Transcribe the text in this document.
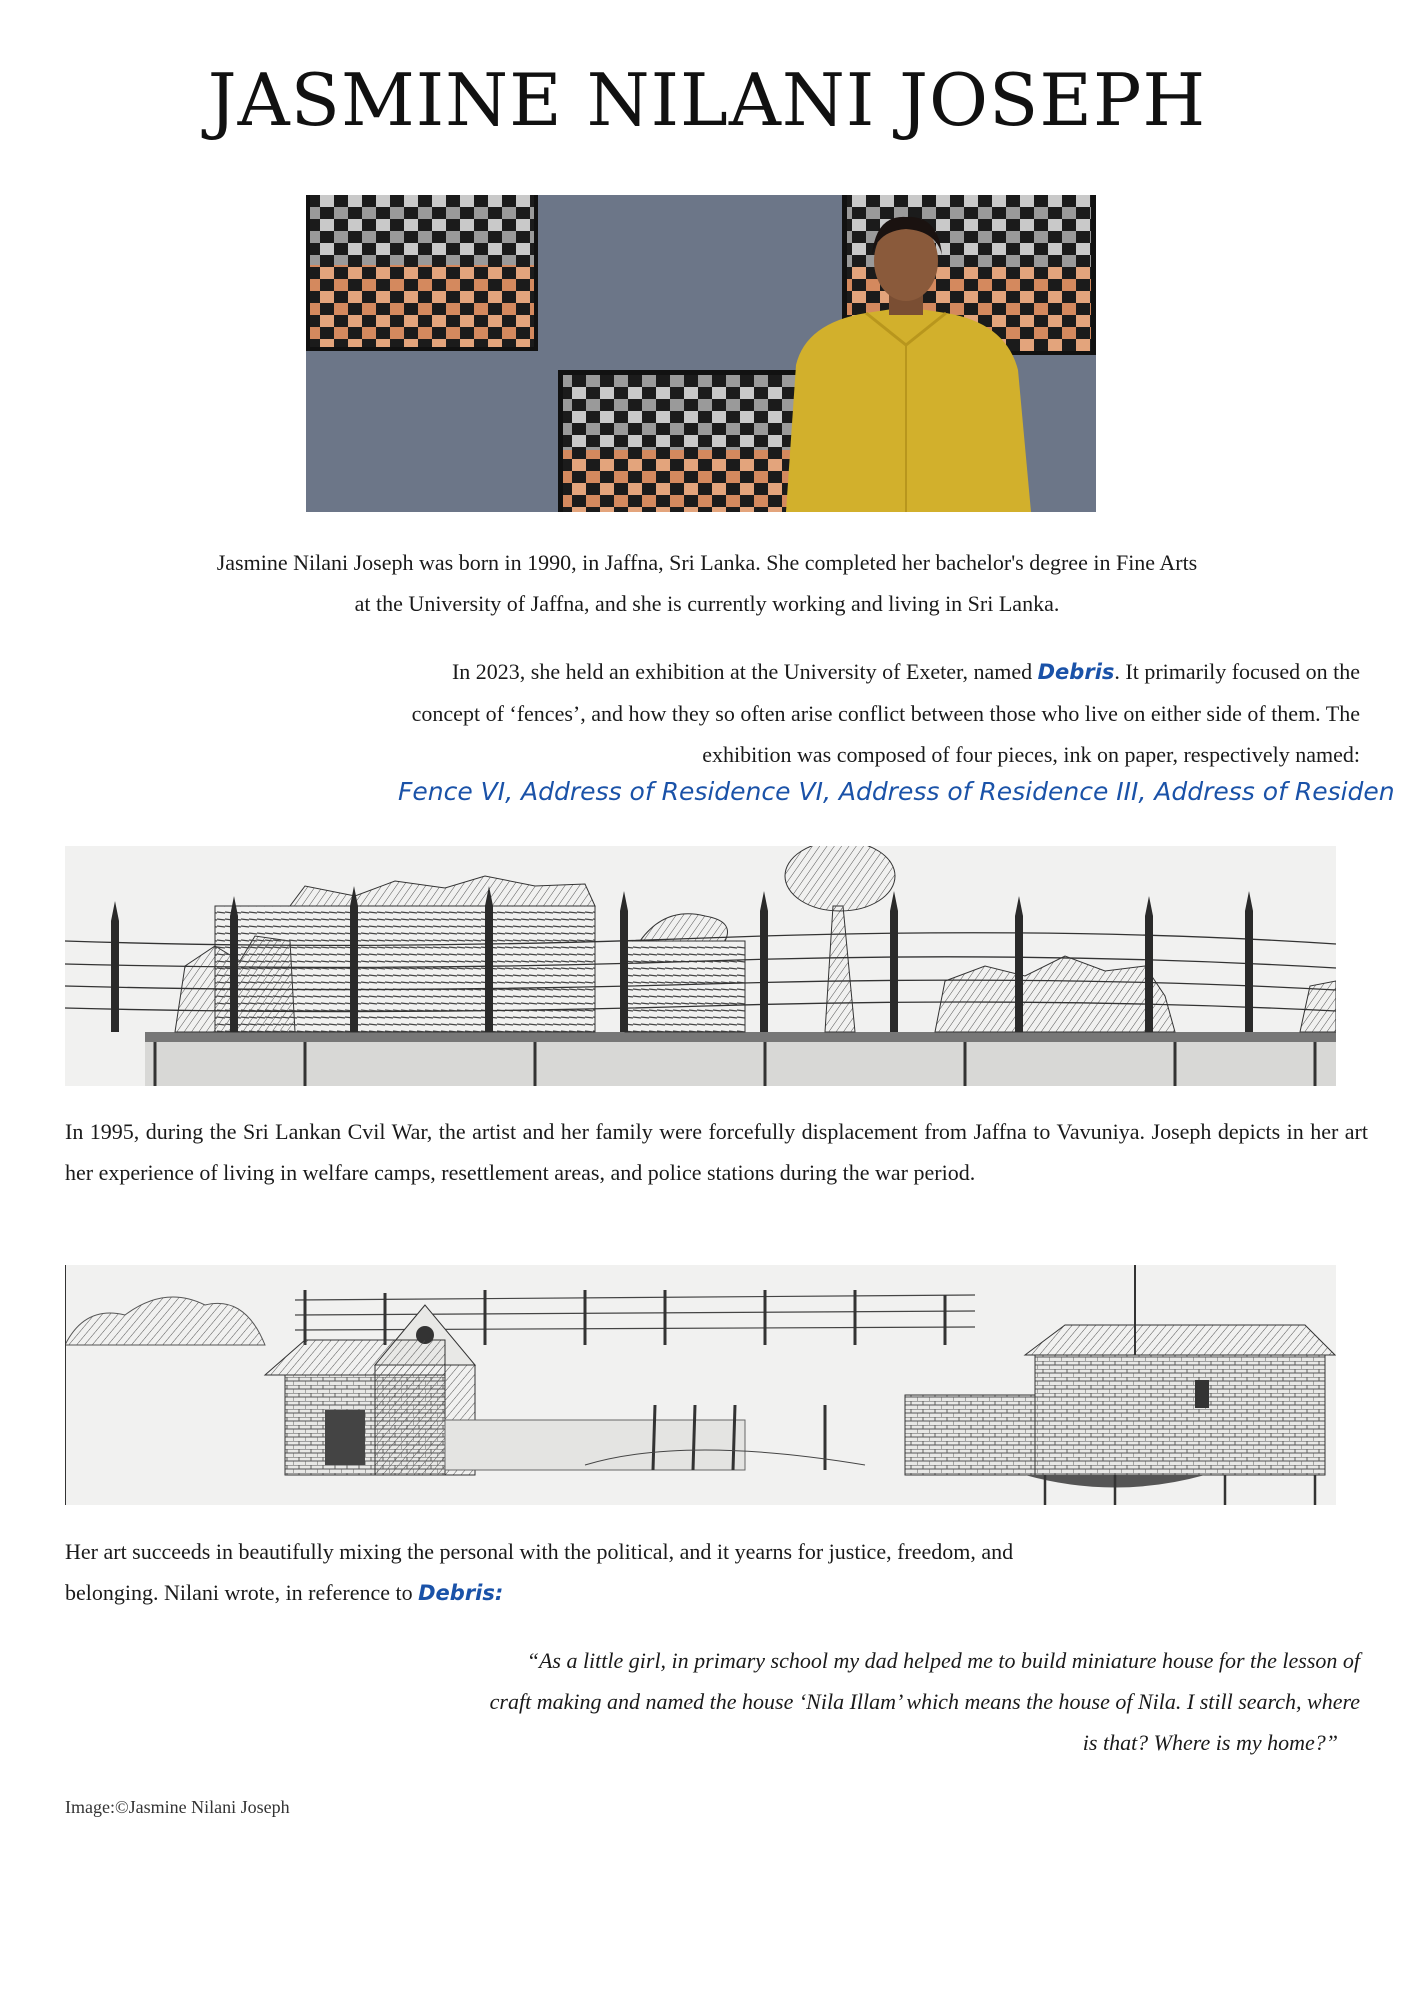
JASMINE NILANI JOSEPH

Jasmine Nilani Joseph was born in 1990, in Jaffna, Sri Lanka. She completed her bachelor's degree in Fine Arts
at the University of Jaffna, and she is currently working and living in Sri Lanka.

In 2023, she held an exhibition at the University of Exeter, named Debris. It primarily focused on the
concept of ‘fences’, and how they so often arise conflict between those who live on either side of them. The
exhibition was composed of four pieces, ink on paper, respectively named:

Fence VI, Address of Residence VI, Address of Residence III, Address of Residen

In 1995, during the Sri Lankan Cvil War, the artist and her family were forcefully displacement from Jaffna to Vavuniya. Joseph depicts in her art her experience of living in welfare camps, resettlement areas, and police stations during the war period.

Her art succeeds in beautifully mixing the personal with the political, and it yearns for justice, freedom, and
belonging. Nilani wrote, in reference to Debris:

“As a little girl, in primary school my dad helped me to build miniature house for the lesson of
craft making and named the house ‘Nila Illam’ which means the house of Nila. I still search, where
is that? Where is my home?”

Image:©Jasmine Nilani Joseph
